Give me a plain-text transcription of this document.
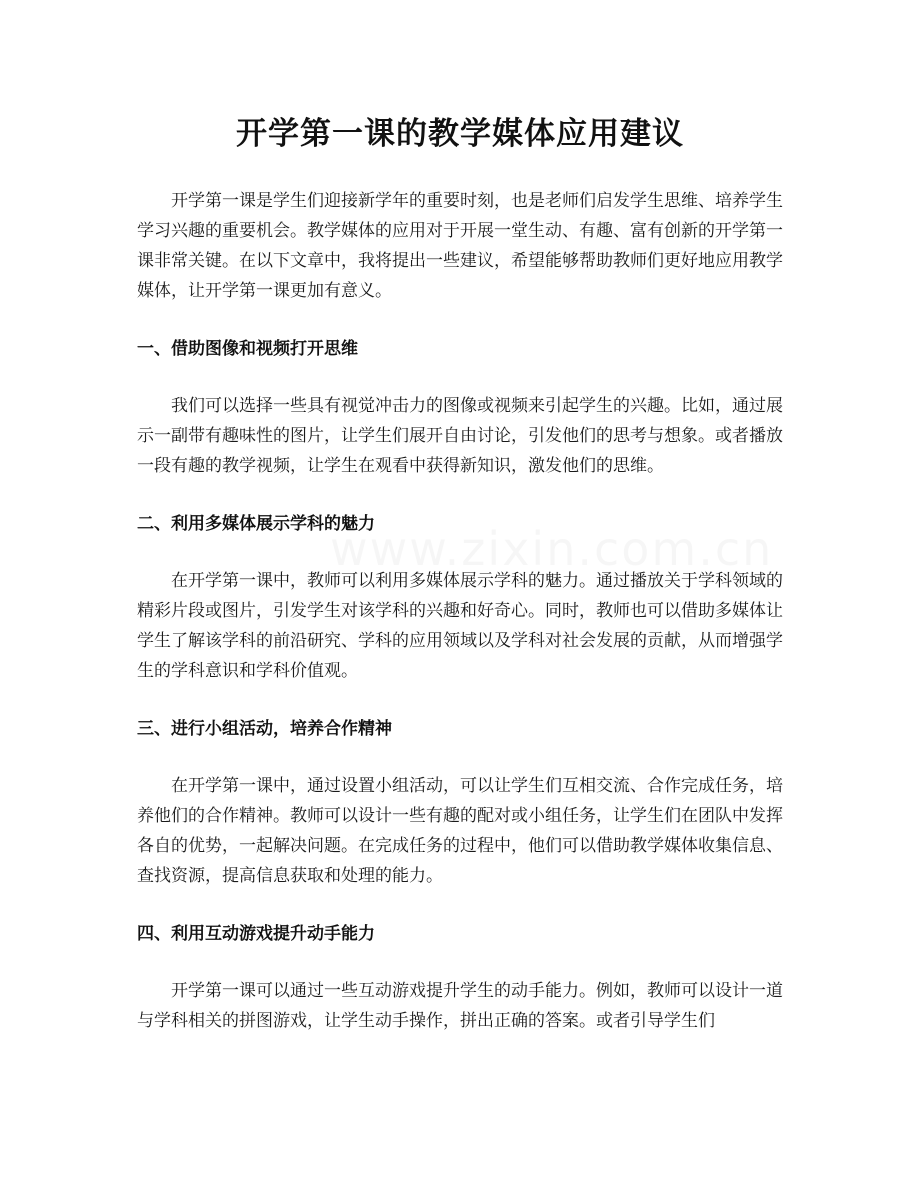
开学第一课的教学媒体应用建议

开学第一课是学生们迎接新学年的重要时刻，也是老师们启发学生思维、培养学生学习兴趣的重要机会。教学媒体的应用对于开展一堂生动、有趣、富有创新的开学第一课非常关键。在以下文章中，我将提出一些建议，希望能够帮助教师们更好地应用教学媒体，让开学第一课更加有意义。

一、借助图像和视频打开思维

我们可以选择一些具有视觉冲击力的图像或视频来引起学生的兴趣。比如，通过展示一副带有趣味性的图片，让学生们展开自由讨论，引发他们的思考与想象。或者播放一段有趣的教学视频，让学生在观看中获得新知识，激发他们的思维。

二、利用多媒体展示学科的魅力

在开学第一课中，教师可以利用多媒体展示学科的魅力。通过播放关于学科领域的精彩片段或图片，引发学生对该学科的兴趣和好奇心。同时，教师也可以借助多媒体让学生了解该学科的前沿研究、学科的应用领域以及学科对社会发展的贡献，从而增强学生的学科意识和学科价值观。

三、进行小组活动，培养合作精神

在开学第一课中，通过设置小组活动，可以让学生们互相交流、合作完成任务，培养他们的合作精神。教师可以设计一些有趣的配对或小组任务，让学生们在团队中发挥各自的优势，一起解决问题。在完成任务的过程中，他们可以借助教学媒体收集信息、查找资源，提高信息获取和处理的能力。

四、利用互动游戏提升动手能力

开学第一课可以通过一些互动游戏提升学生的动手能力。例如，教师可以设计一道与学科相关的拼图游戏，让学生动手操作，拼出正确的答案。或者引导学生们
